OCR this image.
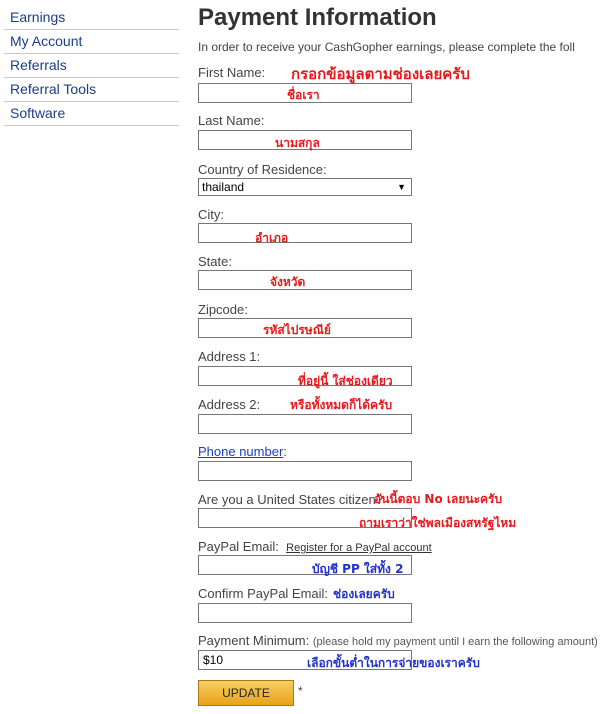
Earnings
My Account
Referrals
Referral Tools
Software
Payment Information
In order to receive your CashGopher earnings, please complete the foll
First Name:
Last Name:
Country of Residence:
thailand	▼
City:
State:
Zipcode:
Address 1:
Address 2:
Phone number:
Are you a United States citizen?
PayPal Email: Register for a PayPal account
Confirm PayPal Email:
Payment Minimum: (please hold my payment until I earn the following amount)
$10
UPDATE	*
กรอกข้อมูลตามช่องเลยครับ
ชื่อเรา
นามสกุล
อำเภอ
จังหวัด
รหัสไปรษณีย์
ที่อยู่นี้ ใส่ช่องเดียว
หรือทั้งหมดก็ได้ครับ
อันนี้ตอบ No เลยนะครับ
ถามเราว่าใช่พลเมืองสหรัฐไหม
บัญชี PP ใส่ทั้ง 2
ช่องเลยครับ
เลือกขั้นต่ำในการจ่ายของเราครับ
